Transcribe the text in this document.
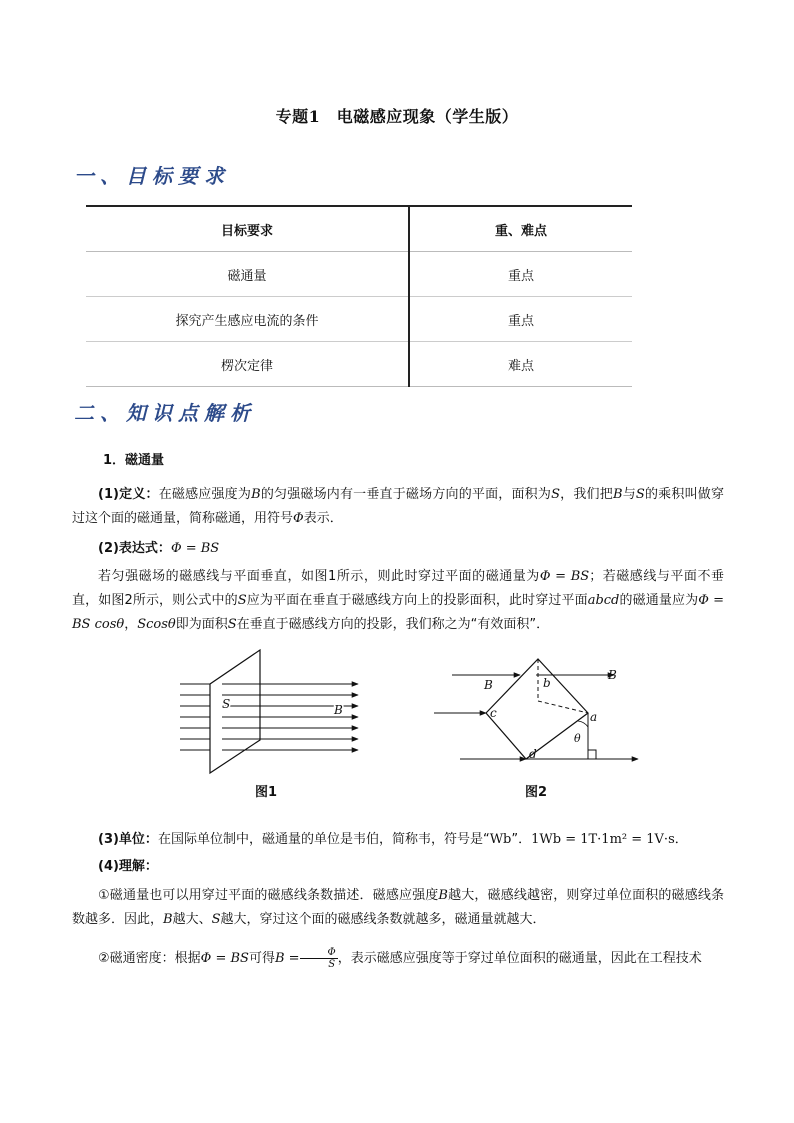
专题1　电磁感应现象（学生版）
一、目标要求
目标要求	重、难点
磁通量	重点
探究产生感应电流的条件	重点
楞次定律	难点
二、知识点解析
1．磁通量
(1)定义：在磁感应强度为B的匀强磁场内有一垂直于磁场方向的平面，面积为S，我们把B与S的乘积叫做穿过这个面的磁通量，简称磁通，用符号Φ表示．
(2)表达式：Φ = BS
若匀强磁场的磁感线与平面垂直，如图1所示，则此时穿过平面的磁通量为Φ = BS；若磁感线与平面不垂直，如图2所示，则公式中的S应为平面在垂直于磁感线方向上的投影面积，此时穿过平面abcd的磁通量应为Φ = BS cosθ，Scosθ即为面积S在垂直于磁感线方向的投影，我们称之为“有效面积”．
S	B
图1
B
B
b
c	a
θ
d
图2
(3)单位：在国际单位制中，磁通量的单位是韦伯，简称韦，符号是“Wb”．1Wb = 1T·1m² = 1V·s．
(4)理解：
①磁通量也可以用穿过平面的磁感线条数描述．磁感应强度B越大，磁感线越密，则穿过单位面积的磁感线条数越多．因此，B越大、S越大，穿过这个面的磁感线条数就越多，磁通量就越大．
②磁通密度：根据Φ = BS可得$B = \frac{\Phi}{S}$ ，表示磁感应强度等于穿过单位面积的磁通量，因此在工程技术
